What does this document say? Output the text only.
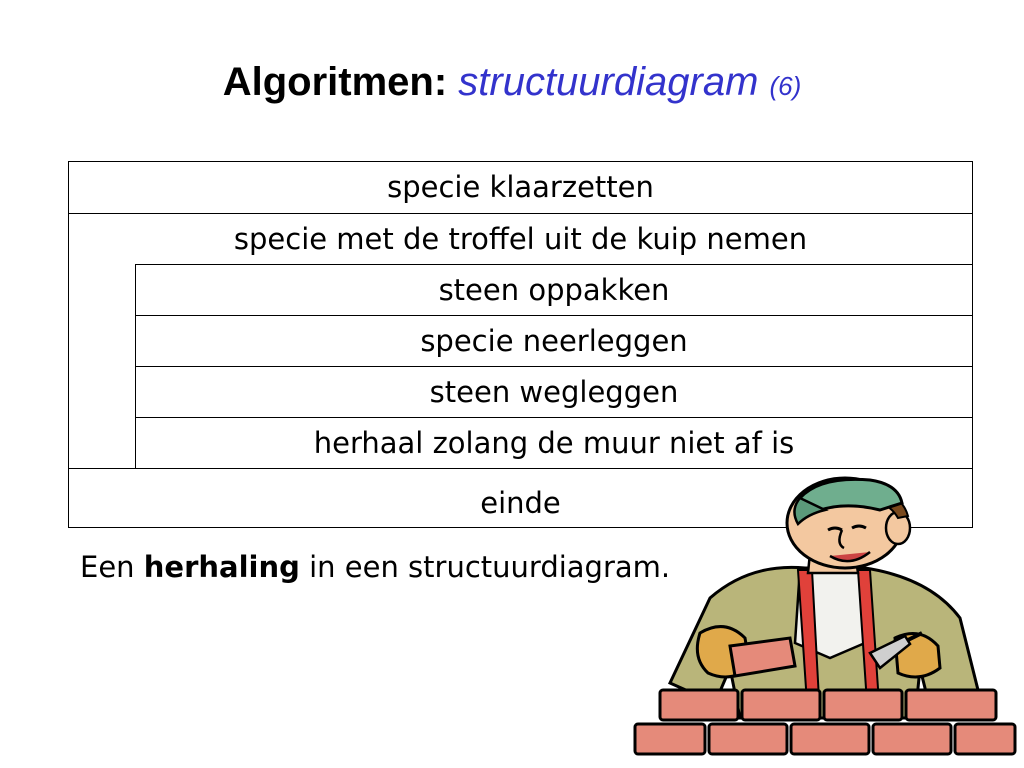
Algoritmen: structuurdiagram (6)
specie klaarzetten
specie met de troffel uit de kuip nemen
steen oppakken
specie neerleggen
steen wegleggen
herhaal zolang de muur niet af is
einde
Een herhaling in een structuurdiagram.
